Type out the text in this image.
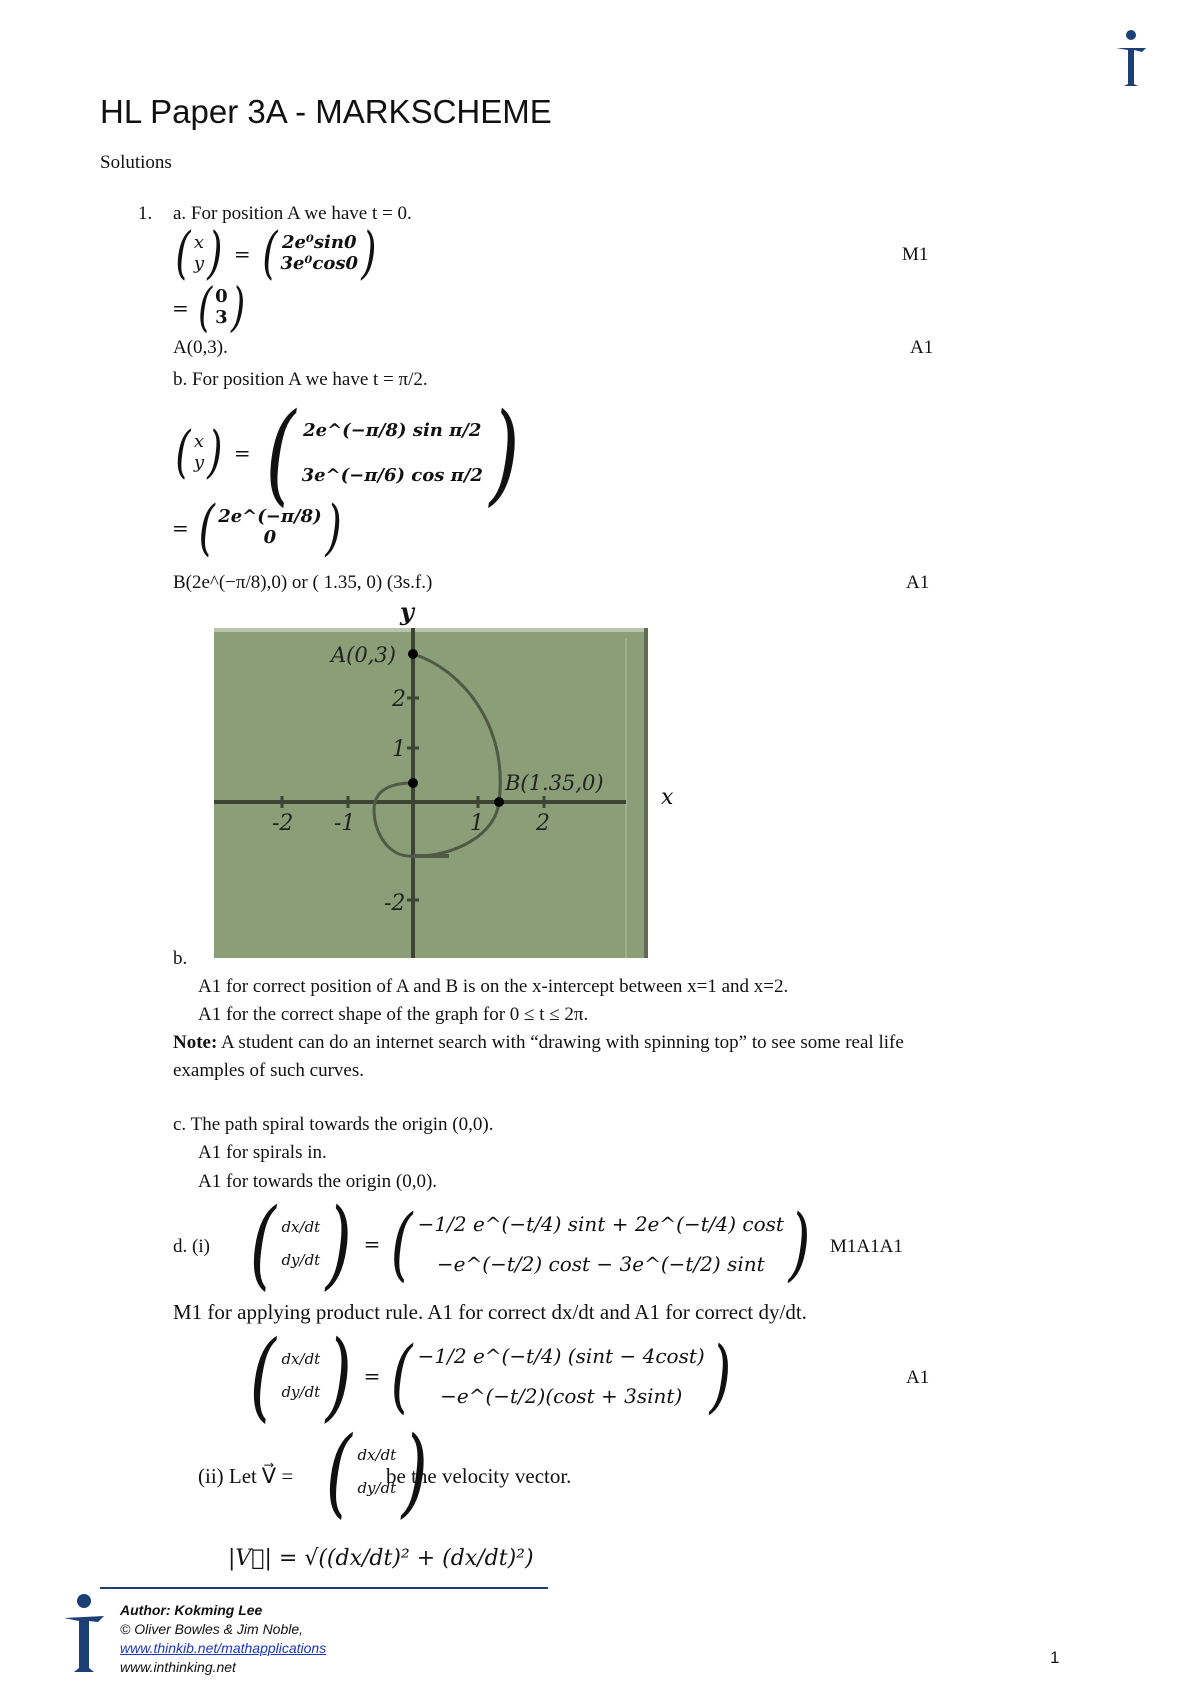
HL Paper 3A - MARKSCHEME
Solutions
1. a. For position A we have t = 0.
( x
y ) = ( 2e⁰sin0
3e⁰cos0 )	M1
= ( 0
3 )
A(0,3).	A1
b. For position A we have t = π/2.
( x
y ) = ( 2e^(−π/8) sin π/2
3e^(−π/6) cos π/2 )
= ( 2e^(−π/8)
0 )
B(2e^(−π/8),0) or ( 1.35, 0) (3s.f.)	A1
y
A(0,3)
B(1.35,0)
-2 -1	1 2
2
1
-2
x
b.
A1 for correct position of A and B is on the x-intercept between x=1 and x=2.
A1 for the correct shape of the graph for 0 ≤ t ≤ 2π.
Note: A student can do an internet search with “drawing with spinning top” to see some real life
examples of such curves.
c. The path spiral towards the origin (0,0).
A1 for spirals in.
A1 for towards the origin (0,0).
d. (i) ( dx/dt
dy/dt ) = ( −1/2 e^(−t/4) sint + 2e^(−t/4) cost
−e^(−t/2) cost − 3e^(−t/2) sint ) M1A1A1
M1 for applying product rule. A1 for correct dx/dt and A1 for correct dy/dt.
( dx/dt
dy/dt ) = ( −1/2 e^(−t/4) (sint − 4cost)
−e^(−t/2)(cost + 3sint) )	A1
(ii) Let V⃗ = ( dx/dt
dy/dt )
be the velocity vector.
|V⃗| = √((dx/dt)² + (dx/dt)²)
Author: Kokming Lee
© Oliver Bowles & Jim Noble,
www.thinkib.net/mathapplications
www.inthinking.net	1
